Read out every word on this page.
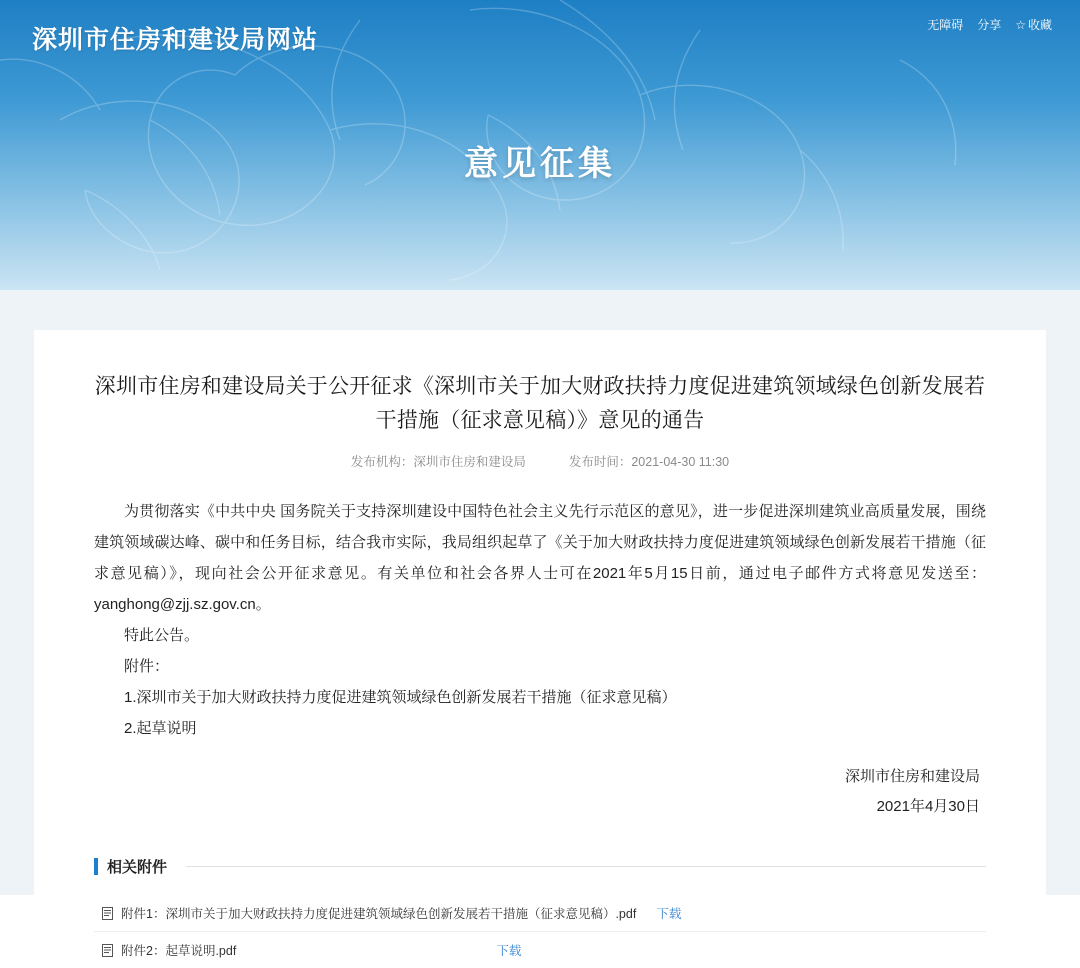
深圳市住房和建设局网站
无障碍 分享 ☆ 收藏
意见征集
深圳市住房和建设局关于公开征求《深圳市关于加大财政扶持力度促进建筑领域绿色创新发展若干措施（征求意见稿）》意见的通告
发布机构：深圳市住房和建设局	发布时间：2021-04-30 11:30

为贯彻落实《中共中央 国务院关于支持深圳建设中国特色社会主义先行示范区的意见》，进一步促进深圳建筑业高质量发展，围绕建筑领域碳达峰、碳中和任务目标，结合我市实际，我局组织起草了《关于加大财政扶持力度促进建筑领域绿色创新发展若干措施（征求意见稿）》，现向社会公开征求意见。有关单位和社会各界人士可在2021年5月15日前，通过电子邮件方式将意见发送至：yanghong@zjj.sz.gov.cn。

特此公告。

附件：

1.深圳市关于加大财政扶持力度促进建筑领域绿色创新发展若干措施（征求意见稿）

2.起草说明

深圳市住房和建设局
2021年4月30日
相关附件
附件1：深圳市关于加大财政扶持力度促进建筑领域绿色创新发展若干措施（征求意见稿）.pdf 下载
附件2：起草说明.pdf	下载
